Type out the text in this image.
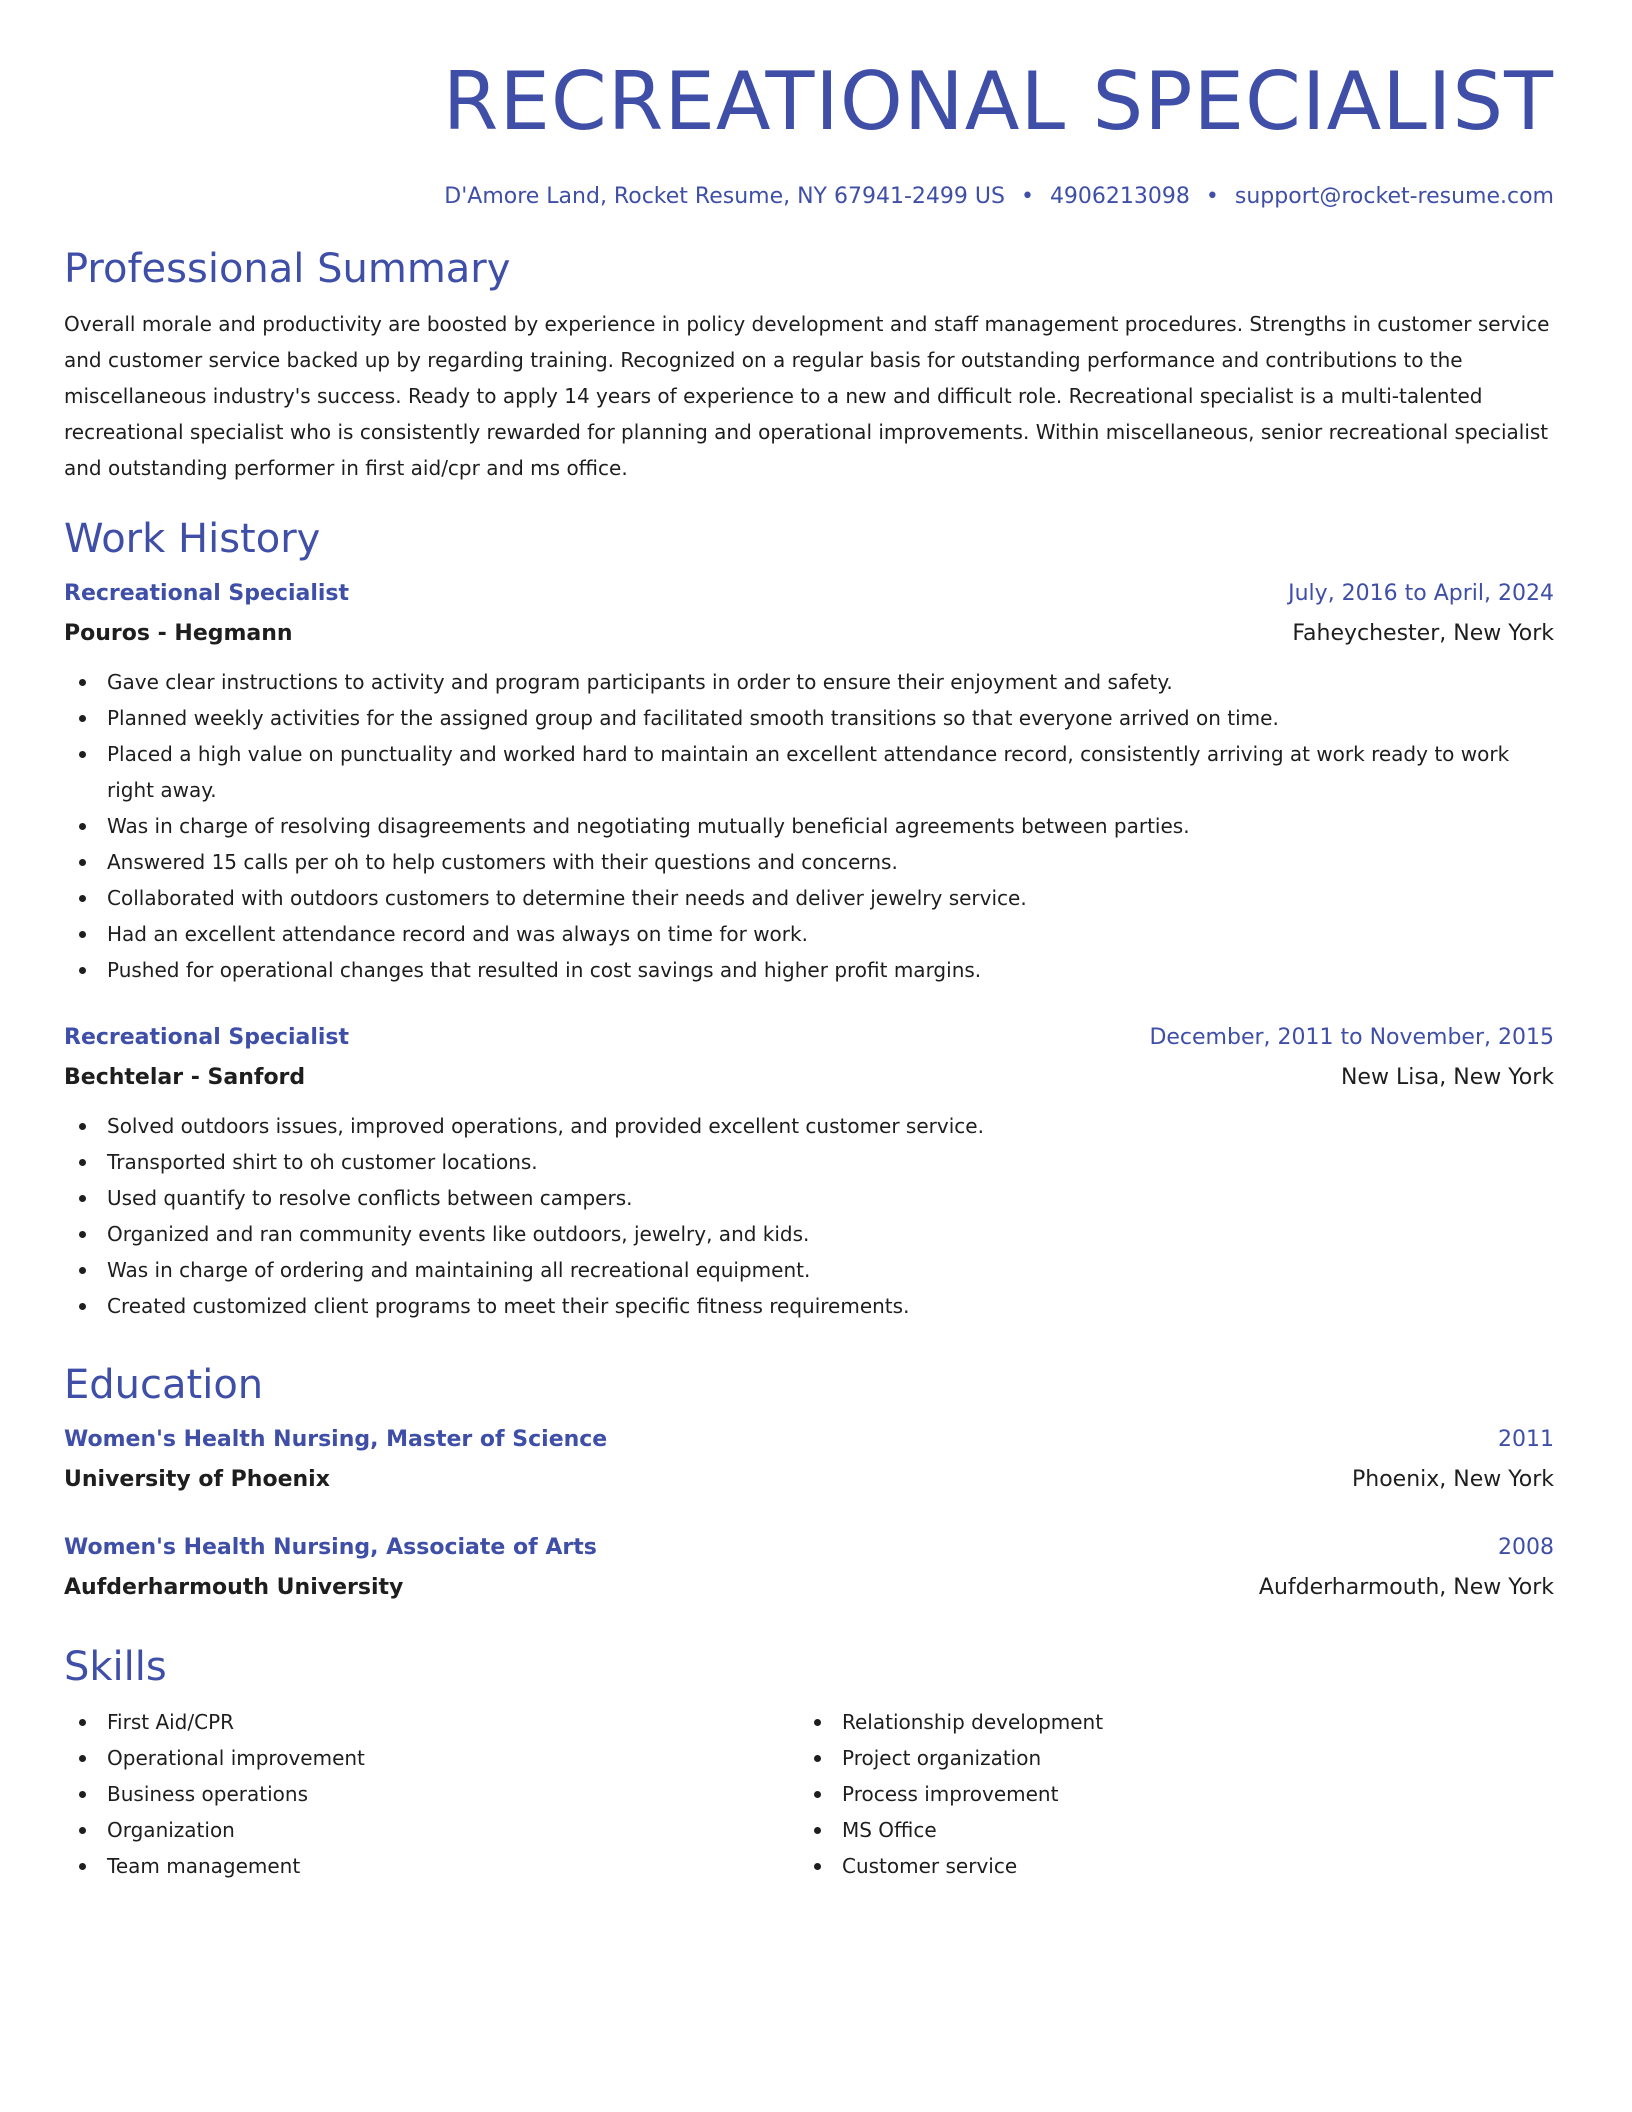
RECREATIONAL SPECIALIST
D'Amore Land, Rocket Resume, NY 67941-2499 US • 4906213098 • support@rocket-resume.com
Professional Summary
Overall morale and productivity are boosted by experience in policy development and staff management procedures. Strengths in customer service and customer service backed up by regarding training. Recognized on a regular basis for outstanding performance and contributions to the miscellaneous industry's success. Ready to apply 14 years of experience to a new and difficult role. Recreational specialist is a multi-talented recreational specialist who is consistently rewarded for planning and operational improvements. Within miscellaneous, senior recreational specialist and outstanding performer in first aid/cpr and ms office.
Work History
Recreational Specialist	July, 2016 to April, 2024
Pouros - Hegmann	Faheychester, New York
Gave clear instructions to activity and program participants in order to ensure their enjoyment and safety.
Planned weekly activities for the assigned group and facilitated smooth transitions so that everyone arrived on time.
Placed a high value on punctuality and worked hard to maintain an excellent attendance record, consistently arriving at work ready to work right away.
Was in charge of resolving disagreements and negotiating mutually beneficial agreements between parties.
Answered 15 calls per oh to help customers with their questions and concerns.
Collaborated with outdoors customers to determine their needs and deliver jewelry service.
Had an excellent attendance record and was always on time for work.
Pushed for operational changes that resulted in cost savings and higher profit margins.
Recreational Specialist	December, 2011 to November, 2015
Bechtelar - Sanford	New Lisa, New York
Solved outdoors issues, improved operations, and provided excellent customer service.
Transported shirt to oh customer locations.
Used quantify to resolve conflicts between campers.
Organized and ran community events like outdoors, jewelry, and kids.
Was in charge of ordering and maintaining all recreational equipment.
Created customized client programs to meet their specific fitness requirements.
Education
Women's Health Nursing, Master of Science	2011
University of Phoenix	Phoenix, New York
Women's Health Nursing, Associate of Arts	2008
Aufderharmouth University	Aufderharmouth, New York
Skills
First Aid/CPR
Operational improvement
Business operations
Organization
Team management
Relationship development
Project organization
Process improvement
MS Office
Customer service
